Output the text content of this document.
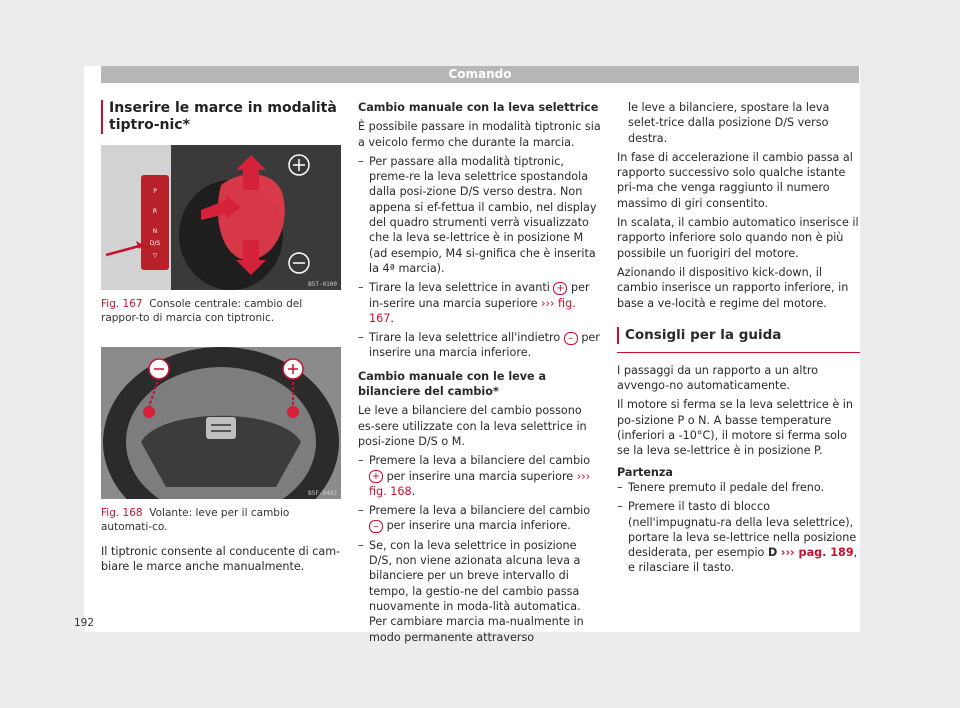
Comando
Inserire le marce in modalità tiptro-nic*
P
R
N
D/S
▽
B5T-0100
Fig. 167 Console centrale: cambio del rappor-to di marcia con tiptronic.
B5F-0402
Fig. 168 Volante: leve per il cambio automati-co.

Il tiptronic consente al conducente di cam-biare le marce anche manualmente.

Cambio manuale con la leva selettrice

È possibile passare in modalità tiptronic sia a veicolo fermo che durante la marcia.

– Per passare alla modalità tiptronic, preme-re la leva selettrice spostandola dalla posi-zione D/S verso destra. Non appena si ef-fettua il cambio, nel display del quadro strumenti verrà visualizzato che la leva se-lettrice è in posizione M (ad esempio, M4 si-gnifica che è inserita la 4ª marcia).
– Tirare la leva selettrice in avanti + per in-serire una marcia superiore ››› fig. 167.
– Tirare la leva selettrice all'indietro – per inserire una marcia inferiore.

Cambio manuale con le leve a bilanciere del cambio*

Le leve a bilanciere del cambio possono es-sere utilizzate con la leva selettrice in posi-zione D/S o M.

– Premere la leva a bilanciere del cambio + per inserire una marcia superiore ››› fig. 168.
– Premere la leva a bilanciere del cambio – per inserire una marcia inferiore.
– Se, con la leva selettrice in posizione D/S, non viene azionata alcuna leva a bilanciere per un breve intervallo di tempo, la gestio-ne del cambio passa nuovamente in moda-lità automatica. Per cambiare marcia ma-nualmente in modo permanente attraverso

le leve a bilanciere, spostare la leva selet-trice dalla posizione D/S verso destra.

In fase di accelerazione il cambio passa al rapporto successivo solo qualche istante pri-ma che venga raggiunto il numero massimo di giri consentito.

In scalata, il cambio automatico inserisce il rapporto inferiore solo quando non è più possibile un fuorigiri del motore.

Azionando il dispositivo kick-down, il cambio inserisce un rapporto inferiore, in base a ve-locità e regime del motore.

Consigli per la guida

I passaggi da un rapporto a un altro avvengo-no automaticamente.

Il motore si ferma se la leva selettrice è in po-sizione P o N. A basse temperature (inferiori a -10°C), il motore si ferma solo se la leva se-lettrice è in posizione P.

Partenza

– Tenere premuto il pedale del freno.
– Premere il tasto di blocco (nell'impugnatu-ra della leva selettrice), portare la leva se-lettrice nella posizione desiderata, per esempio D ››› pag. 189, e rilasciare il tasto.
192
